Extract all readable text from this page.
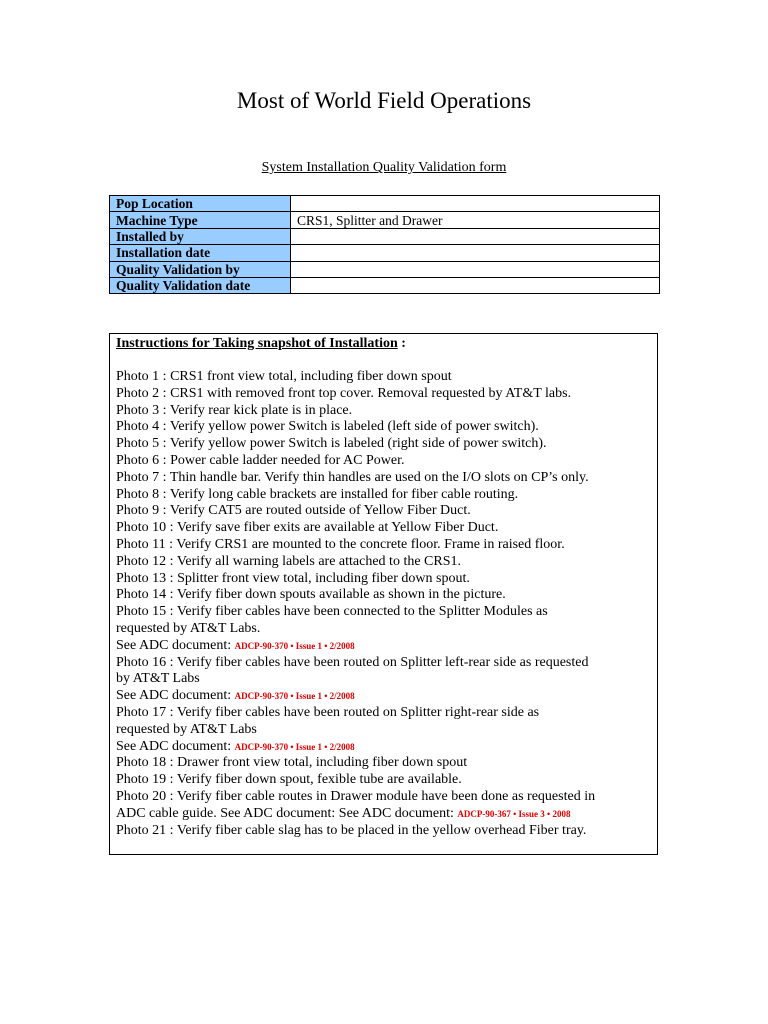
Most of World Field Operations
System Installation Quality Validation form
Pop Location	
Machine Type	CRS1, Splitter and Drawer
Installed by	
Installation date	
Quality Validation by	
Quality Validation date	
Instructions for Taking snapshot of Installation :
Photo 1 : CRS1 front view total, including fiber down spout
Photo 2 : CRS1 with removed front top cover. Removal requested by AT&T labs.
Photo 3 : Verify rear kick plate is in place.
Photo 4 : Verify yellow power Switch is labeled (left side of power switch).
Photo 5 : Verify yellow power Switch is labeled (right side of power switch).
Photo 6 : Power cable ladder needed for AC Power.
Photo 7 : Thin handle bar. Verify thin handles are used on the I/O slots on CP’s only.
Photo 8 : Verify long cable brackets are installed for fiber cable routing.
Photo 9 : Verify CAT5 are routed outside of Yellow Fiber Duct.
Photo 10 : Verify save fiber exits are available at Yellow Fiber Duct.
Photo 11 : Verify CRS1 are mounted to the concrete floor. Frame in raised floor.
Photo 12 : Verify all warning labels are attached to the CRS1.
Photo 13 : Splitter front view total, including fiber down spout.
Photo 14 : Verify fiber down spouts available as shown in the picture.
Photo 15 : Verify fiber cables have been connected to the Splitter Modules as
requested by AT&T Labs.
See ADC document: ADCP-90-370 • Issue 1 • 2/2008
Photo 16 : Verify fiber cables have been routed on Splitter left-rear side as requested
by AT&T Labs
See ADC document: ADCP-90-370 • Issue 1 • 2/2008
Photo 17 : Verify fiber cables have been routed on Splitter right-rear side as
requested by AT&T Labs
See ADC document: ADCP-90-370 • Issue 1 • 2/2008
Photo 18 : Drawer front view total, including fiber down spout
Photo 19 : Verify fiber down spout, fexible tube are available.
Photo 20 : Verify fiber cable routes in Drawer module have been done as requested in
ADC cable guide. See ADC document: See ADC document: ADCP-90-367 • Issue 3 • 2008
Photo 21 : Verify fiber cable slag has to be placed in the yellow overhead Fiber tray.
